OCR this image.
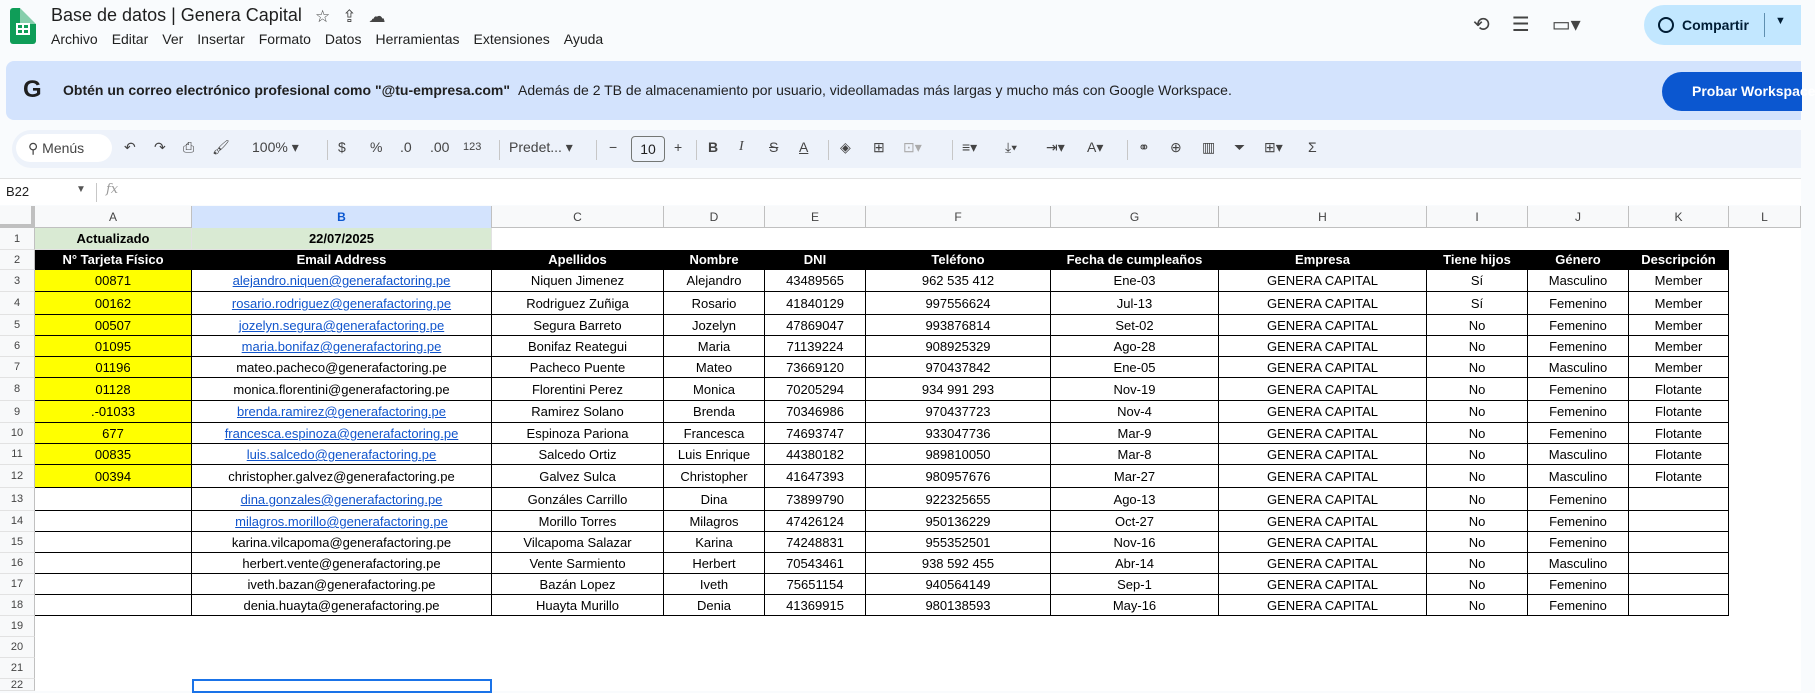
Base de datos | Genera Capital ☆ ⇪ ☁
Archivo Editar Ver Insertar Formato Datos Herramientas Extensiones Ayuda
⟲ ☰ ▭▾	Compartir ▼
G Obtén un correo electrónico profesional como "@tu-empresa.com" Además de 2 TB de almacenamiento por usuario, videollamadas más largas y mucho más con Google Workspace.	Probar Workspace
⚲ Menús	↶ ↷ ⎙ 🖌 100% ▾	$ % .0 .00 123 Predet... ▾	−	10	+ B I S A ◈ ⊞ ⊡▾	≡▾ ⤓▾ ⇥▾ A▾ ⚭ ⊕ ▥ ⏷ ⊞▾ Σ
B22	▼ fx
A	B	C	D	E	F	G	H	I	J	K	L
1
2
3
4
5
6
7
8
9
10
11
12
13
14
15
16
17
18
19
20
21
22
Actualizado	22/07/2025
N° Tarjeta Físico	Email Address	Apellidos	Nombre	DNI	Teléfono	Fecha de cumpleaños	Empresa	Tiene hijos	Género	Descripción
00871	alejandro.niquen@generafactoring.pe	Niquen Jimenez	Alejandro	43489565	962 535 412	Ene-03	GENERA CAPITAL	Sí	Masculino	Member
00162	rosario.rodriguez@generafactoring.pe	Rodriguez Zuñiga	Rosario	41840129	997556624	Jul-13	GENERA CAPITAL	Sí	Femenino	Member
00507	jozelyn.segura@generafactoring.pe	Segura Barreto	Jozelyn	47869047	993876814	Set-02	GENERA CAPITAL	No	Femenino	Member
01095	maria.bonifaz@generafactoring.pe	Bonifaz Reategui	Maria	71139224	908925329	Ago-28	GENERA CAPITAL	No	Femenino	Member
01196	mateo.pacheco@generafactoring.pe	Pacheco Puente	Mateo	73669120	970437842	Ene-05	GENERA CAPITAL	No	Masculino	Member
01128	monica.florentini@generafactoring.pe	Florentini Perez	Monica	70205294	934 991 293	Nov-19	GENERA CAPITAL	No	Femenino	Flotante
.-01033	brenda.ramirez@generafactoring.pe	Ramirez Solano	Brenda	70346986	970437723	Nov-4	GENERA CAPITAL	No	Femenino	Flotante
677	francesca.espinoza@generafactoring.pe	Espinoza Pariona	Francesca	74693747	933047736	Mar-9	GENERA CAPITAL	No	Femenino	Flotante
00835	luis.salcedo@generafactoring.pe	Salcedo Ortiz	Luis Enrique	44380182	989810050	Mar-8	GENERA CAPITAL	No	Masculino	Flotante
00394	christopher.galvez@generafactoring.pe	Galvez Sulca	Christopher	41647393	980957676	Mar-27	GENERA CAPITAL	No	Masculino	Flotante
dina.gonzales@generafactoring.pe	Gonzáles Carrillo	Dina	73899790	922325655	Ago-13	GENERA CAPITAL	No	Femenino
milagros.morillo@generafactoring.pe	Morillo Torres	Milagros	47426124	950136229	Oct-27	GENERA CAPITAL	No	Femenino
karina.vilcapoma@generafactoring.pe	Vilcapoma Salazar	Karina	74248831	955352501	Nov-16	GENERA CAPITAL	No	Femenino
herbert.vente@generafactoring.pe	Vente Sarmiento	Herbert	70543461	938 592 455	Abr-14	GENERA CAPITAL	No	Masculino
iveth.bazan@generafactoring.pe	Bazán Lopez	Iveth	75651154	940564149	Sep-1	GENERA CAPITAL	No	Femenino
denia.huayta@generafactoring.pe	Huayta Murillo	Denia	41369915	980138593	May-16	GENERA CAPITAL	No	Femenino
